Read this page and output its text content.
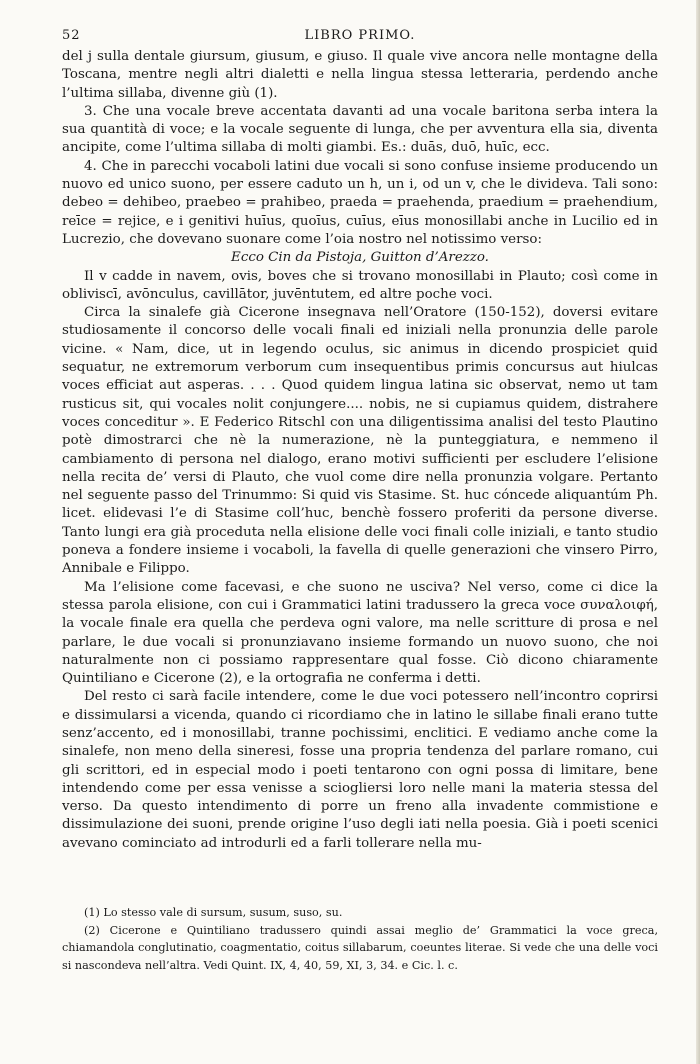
52	LIBRO PRIMO.

del j sulla dentale giursum, giusum, e giuso. Il quale vive ancora nelle montagne della Toscana, mentre negli altri dialetti e nella lingua stessa letteraria, perdendo anche l’ultima sillaba, divenne giù (1).

3. Che una vocale breve accentata davanti ad una vocale baritona serba intera la sua quantità di voce; e la vocale seguente di lunga, che per avventura ella sia, diventa ancipite, come l’ultima sillaba di molti giambi. Es.: duās, duō, huīc, ecc.

4. Che in parecchi vocaboli latini due vocali si sono confuse insieme producendo un nuovo ed unico suono, per essere caduto un h, un i, od un v, che le divideva. Tali sono: debeo = dehibeo, praebeo = prahibeo, praeda = praehenda, praedium = praehendium, reīce = rejice, e i genitivi huīus, quoīus, cuīus, eīus monosillabi anche in Lucilio ed in Lucrezio, che dovevano suonare come l’oia nostro nel notissimo verso:

Ecco Cin da Pistoja, Guitton d’Arezzo.

Il v cadde in navem, ovis, boves che si trovano monosillabi in Plauto; così come in obliviscī, avōnculus, cavillātor, juvēntutem, ed altre poche voci.

Circa la sinalefe già Cicerone insegnava nell’Oratore (150-152), doversi evitare studiosamente il concorso delle vocali finali ed iniziali nella pronunzia delle parole vicine. « Nam, dice, ut in legendo oculus, sic animus in dicendo prospiciet quid sequatur, ne extremorum verborum cum insequentibus primis concursus aut hiulcas voces efficiat aut asperas. . . . Quod quidem lingua latina sic observat, nemo ut tam rusticus sit, qui vocales nolit conjungere.... nobis, ne si cupiamus quidem, distrahere voces conceditur ». E Federico Ritschl con una diligentissima analisi del testo Plautino potè dimostrarci che nè la numerazione, nè la punteggiatura, e nemmeno il cambiamento di persona nel dialogo, erano motivi sufficienti per escludere l’elisione nella recita de’ versi di Plauto, che vuol come dire nella pronunzia volgare. Pertanto nel seguente passo del Trinummo: Si quid vis Stasime. St. huc cóncede aliquantúm Ph. licet. elidevasi l’e di Stasime coll’huc, benchè fossero proferiti da persone diverse. Tanto lungi era già proceduta nella elisione delle voci finali colle iniziali, e tanto studio poneva a fondere insieme i vocaboli, la favella di quelle generazioni che vinsero Pirro, Annibale e Filippo.

Ma l’elisione come facevasi, e che suono ne usciva? Nel verso, come ci dice la stessa parola elisione, con cui i Grammatici latini tradussero la greca voce συναλοιφή, la vocale finale era quella che perdeva ogni valore, ma nelle scritture di prosa e nel parlare, le due vocali si pronunziavano insieme formando un nuovo suono, che noi naturalmente non ci possiamo rappresentare qual fosse. Ciò dicono chiaramente Quintiliano e Cicerone (2), e la ortografia ne conferma i detti.

Del resto ci sarà facile intendere, come le due voci potessero nell’incontro coprirsi e dissimularsi a vicenda, quando ci ricordiamo che in latino le sillabe finali erano tutte senz’accento, ed i monosillabi, tranne pochissimi, enclitici. E vediamo anche come la sinalefe, non meno della sineresi, fosse una propria tendenza del parlare romano, cui gli scrittori, ed in especial modo i poeti tentarono con ogni possa di limitare, bene intendendo come per essa venisse a sciogliersi loro nelle mani la materia stessa del verso. Da questo intendimento di porre un freno alla invadente commistione e dissimulazione dei suoni, prende origine l’uso degli iati nella poesia. Già i poeti scenici avevano cominciato ad introdurli ed a farli tollerare nella mu-

(1) Lo stesso vale di sursum, susum, suso, su.

(2) Cicerone e Quintiliano tradussero quindi assai meglio de’ Grammatici la voce greca, chiamandola conglutinatio, coagmentatio, coitus sillabarum, coeuntes literae. Si vede che una delle voci si nascondeva nell’altra. Vedi Quint. IX, 4, 40, 59, XI, 3, 34. e Cic. l. c.
